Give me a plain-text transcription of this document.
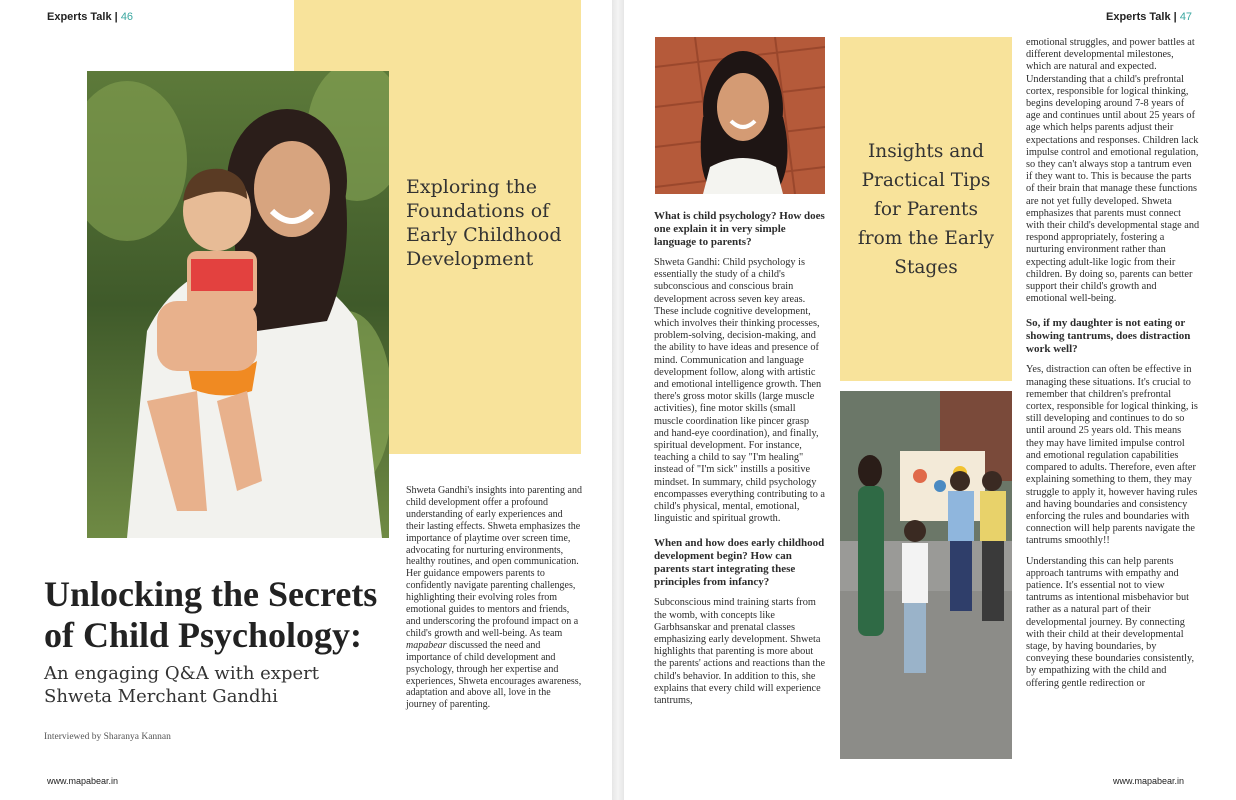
Experts Talk | 46
Exploring the Foundations of Early Childhood Development
Shweta Gandhi's insights into parenting and child development offer a profound understanding of early experiences and their lasting effects. Shweta emphasizes the importance of playtime over screen time, advocating for nurturing environments, healthy routines, and open communication. Her guidance empowers parents to confidently navigate parenting challenges, highlighting their evolving roles from emotional guides to mentors and friends, and underscoring the profound impact on a child's growth and well-being. As team mapabear discussed the need and importance of child development and psychology, through her expertise and experiences, Shweta encourages awareness, adaptation and above all, love in the journey of parenting.
Unlocking the Secrets of Child Psychology:
An engaging Q&A with expert Shweta Merchant Gandhi
Interviewed by Sharanya Kannan
www.mapabear.in
Experts Talk | 47
Insights and Practical Tips for Parents from the Early Stages

What is child psychology? How does one explain it in very simple language to parents?

Shweta Gandhi: Child psychology is essentially the study of a child's subconscious and conscious brain development across seven key areas. These include cognitive development, which involves their thinking processes, problem-solving, decision-making, and the ability to have ideas and presence of mind. Communication and language development follow, along with artistic and emotional intelligence growth. Then there's gross motor skills (large muscle activities), fine motor skills (small muscle coordination like pincer grasp and hand-eye coordination), and finally, spiritual development. For instance, teaching a child to say "I'm healing" instead of "I'm sick" instills a positive mindset. In summary, child psychology encompasses everything contributing to a child's physical, mental, emotional, linguistic and spiritual growth.

When and how does early childhood development begin? How can parents start integrating these principles from infancy?

Subconscious mind training starts from the womb, with concepts like Garbhsanskar and prenatal classes emphasizing early development. Shweta highlights that parenting is more about the parents' actions and reactions than the child's behavior. In addition to this, she explains that every child will experience tantrums,

emotional struggles, and power battles at different developmental milestones, which are natural and expected. Understanding that a child's prefrontal cortex, responsible for logical thinking, begins developing around 7-8 years of age and continues until about 25 years of age which helps parents adjust their expectations and responses. Children lack impulse control and emotional regulation, so they can't always stop a tantrum even if they want to. This is because the parts of their brain that manage these functions are not yet fully developed. Shweta emphasizes that parents must connect with their child's developmental stage and respond appropriately, fostering a nurturing environment rather than expecting adult-like logic from their children. By doing so, parents can better support their child's growth and emotional well-being.

So, if my daughter is not eating or showing tantrums, does distraction work well?

Yes, distraction can often be effective in managing these situations. It's crucial to remember that children's prefrontal cortex, responsible for logical thinking, is still developing and continues to do so until around 25 years old. This means they may have limited impulse control and emotional regulation capabilities compared to adults. Therefore, even after explaining something to them, they may struggle to apply it, however having rules and having boundaries and consistency enforcing the rules and boundaries with connection will help parents navigate the tantrums smoothly!!

Understanding this can help parents approach tantrums with empathy and patience. It's essential not to view tantrums as intentional misbehavior but rather as a natural part of their developmental journey. By connecting with their child at their developmental stage, by having boundaries, by conveying these boundaries consistently, by empathizing with the child and offering gentle redirection or

www.mapabear.in
